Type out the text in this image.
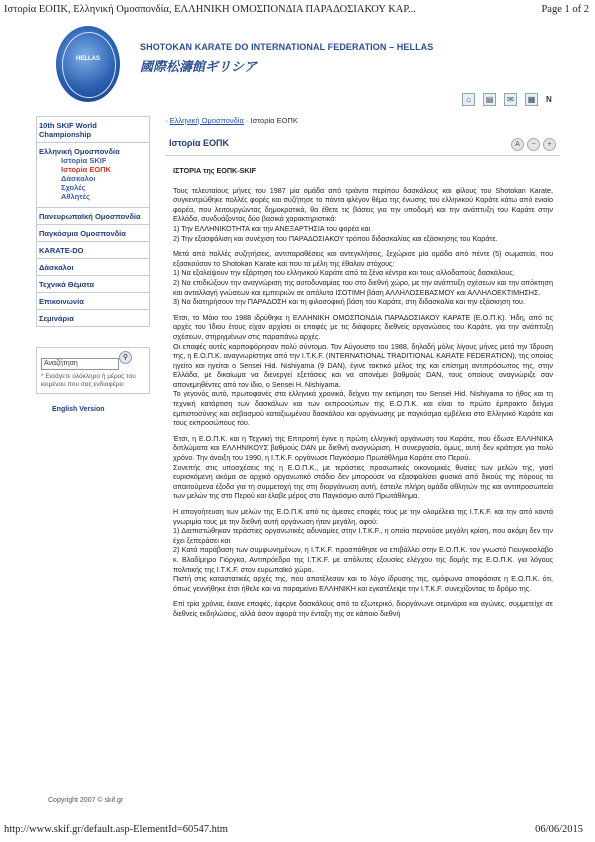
Ιστορία ΕΟΠΚ, Ελληνική Ομοσπονδία, ΕΛΛΗΝΙΚΗ ΟΜΟΣΠΟΝΔΙΑ ΠΑΡΑΔΟΣΙΑΚΟΥ ΚΑΡ...	Page 1 of 2
HELLAS
SHOTOKAN KARATE DO INTERNATIONAL FEDERATION – HELLAS
國際松濤館ギリシア
⌂	▤	✉	▦	N
10th SKIF World Championship
Ελληνική Ομοσπονδία
Ιστορία SKIF
Ιστορία ΕΟΠΚ
Δάσκαλοι
Σχολές
Αθλητές
Πανευρωπαϊκή Ομοσπονδία
Παγκόσμια Ομοσπονδία
KARATE-DO
Δάσκαλοι
Τεχνικά Θέματα
Επικοινωνία
Σεμινάρια
Αναζήτηση
⚲
* Εισάγετε ολόκληρο ή μέρος του κειμένου που σας ενδιαφέρει
English Version
Copyright 2007 © skif.gr
· Ελληνική Ομοσπονδία · Ιστορία ΕΟΠΚ
Ιστορία ΕΟΠΚ	A	−	+
ΙΣΤΟΡΙΑ της ΕΟΠΚ-SKIF

Τους τελευταίους μήνες του 1987 μία ομάδα από τριάντα περίπου δασκάλους και φίλους του Shotokan Karate, συγκεντρώθηκε πολλές φορές και συζήτησε το πάντα φλέγον θέμα της ένωσης του ελληνικού Καράτε κάτω από ενιαίο φορέα, που λειτουργώντας δημοκρατικά, θα έθετε τις βάσεις για την υποδομή και την ανάπτυξη του Καράτε στην Ελλάδα, συνδυάζοντας δύο βασικά χαρακτηριστικά:
1) Την ΕΛΛΗΝΙΚΟΤΗΤΑ και την ΑΝΕΞΑΡΤΗΣΙΑ του φορέα και
2) Την εξασφάλιση και συνέχιση του ΠΑΡΑΔΟΣΙΑΚΟΥ τρόπου διδασκαλίας και εξάσκησης του Καράτε.

Μετά από πολλές συζητήσεις, αντιπαραθέσεις και αντεγκλήσεις, ξεχώρισε μία ομάδα από πέντε (5) σωματεία, που εξασκούσαν το Shotokan Karate και που τα μέλη της έθαλαν στόχους:
1) Να εξαλείψουν την εξάρτηση του ελληνικού Καράτε από τα ξένα κέντρα και τους αλλοδαπούς δασκάλους.
2) Να επιδιώξουν την αναγνώριση της αυτοδυναμίας του στο διεθνή χώρο, με την ανάπτυξη σχέσεων και την απόκτηση και ανταλλαγή γνώσεων και εμπειριών σε απόλυτα ΙΣΟΤΙΜΗ βάση ΑΛΛΗΛΟΣΕΒΑΣΜΟΥ και ΑΛΛΗΛΟΕΚΤΙΜΗΣΗΣ.
3) Να διατηρήσουν την ΠΑΡΑΔΟΣΗ και τη φιλοσοφική βάση του Καράτε, στη διδασκαλία και την εξάσκηση του.

Έτσι, το Μάιο του 1988 ιδρύθηκε η ΕΛΛΗΝΙΚΗ ΟΜΟΣΠΟΝΔΙΑ ΠΑΡΑΔΟΣΙΑΚΟΥ ΚΑΡΑΤΕ (Ε.Ο.Π.Κ). Ήδη, από τις αρχές του Ίδιου έτους είχαν αρχίσει οι επαφές με τις διάφορες διεθνείς οργανώσεις του Καράτε, για την ανάπτυξη σχέσεων, στηριγμένων στις παραπάνω αρχές.
Οι επαφές αυτές καρποφόρησαν πολύ σύντομα. Τον Αύγουστο του 1988, δηλαδή μόλις λίγους μήνες μετά την Ίδρυση της, η Ε.Ο.Π.Κ. αναγνωρίστηκε από την I.T.K.F. (INTERNATIONAL TRADITIONAL KARATE FEDERATION), της οποίας ηγείτο και ηγείται ο Sensei Hid. Nishiyama (9 DAN), έγινε τακτικό μέλος της και επίσημη αντιπρόσωπος της, στην Ελλάδα, με δικαίωμα να διενεργεί εξετάσεις και να απονέμει βαθμούς DAN, τους οποίους αναγνώριζε σαν απονεμηθέντες από τον ίδιο, ο Sensei H. Nishiyama.
Το γεγονός αυτό, πρωτοφανές στα ελληνικά χρονικά, δείχνει την εκτίμηση του Sensei Hid. Nishiyama το ήθος και τη τεχνική κατάρτιση των δασκάλων και των εκπροσώπων της Ε.Ο.Π.Κ. και είναι το πρώτο έμπρακτο δείγμα εμπιστοσύνης και σεβασμού καταξιωμένου δασκάλου και οργάνωσης με παγκόσμια εμβέλεια στο Ελληνικό Καράτε και τους εκπροσώπους του.

Έτσι, η Ε.Ο.Π.Κ. και η Τεχνική της Επιτροπή έγινε η πρώτη ελληνική οργάνωση του Καράτε, που έδωσε ΕΛΛΗΝΙΚΑ διπλώματα και ΕΛΛΗΝΙΚΟΥΣ βαθμούς DAN με διεθνή αναγνώριση. Η συνεργασία, όμως, αυτή δεν κράτησε για πολύ χρόνο. Την άνοιξη του 1990, η I.T.K.F. οργάνωσε Παγκόσμιο Πρωτάθλημα Καράτε στο Περού.
Συνεπής στις υποσχέσεις της η Ε.Ο.Π.Κ., με τεράστιες προσωπικές οικονομικές θυσίες των μελών της, γιατί ευρισκόμενη ακόμα σε αρχικό οργανωτικό στάδιο δεν μπορούσε να εξασφαλίσει φυσικά από δικούς της πόρους τα απαιτούμενα έξοδα για τη συμμετοχή της στη διοργάνωση αυτή, έστειλε πλήρη ομάδα αθλητών της και αντιπροσωπεία των μελών της στο Περού και έλαβε μέρος στο Παγκόσμιο αυτό Πρωτάθλημα.

Η απογοήτευση των μελών της Ε.Ο.Π.Κ από τις άμεσες επαφές τους με την ολομέλεια της I.T.K.F. και την από κοντά γνωριμία τους με την διεθνή αυτή οργάνωση ήταν μεγάλη, αφού:
1) Διαπιστώθηκαν τεράστιες οργανωτικές αδυναμίες στην I.T.K.F., η οποία περνούσε μεγάλη κρίση, που ακόμη δεν την έχει ξεπεράσει και
2) Κατά παράβαση των συμφωνημένων, η I.T.K.F. προσπάθησε να επιβάλλει στην Ε.Ο.Π.Κ. τον γνωστό Γιουγκοσλάβο κ. Βλαδίμηρο Γιόργκα, Αντιπρόεδρο της I.T.K.F. με απόλυτες εξουσίες ελέγχου της δομής της Ε.Ο.Π.Κ. για λόγους πολιτικής της I.T.K.F. στον ευρωπαϊκό χώρο.
Πιστή στις καταστατικές αρχές της, που αποτέλεσαν και το λόγο ίδρυσης της, ομόφωνα αποφάσισε η Ε.Ο.Π.Κ. ότι, όπως γεννήθηκε έτσι ήθελε και να παραμείνει ΕΛΛΗΝΙΚΗ και εγκατέλειψε την I.T.K.F. συνεχίζοντας το δρόμο της.

Επί τρία χρόνια, έκανε επαφές, έφερνε δασκάλους από το εξωτερικό, διοργάνωνε σεμινάρια και αγώνες, συμμετείχε σε διεθνείς εκδηλώσεις, αλλά όσον αφορά την ένταξη της σε κάποιο διεθνή

http://www.skif.gr/default.asp-ElementId=60547.htm	06/06/2015
